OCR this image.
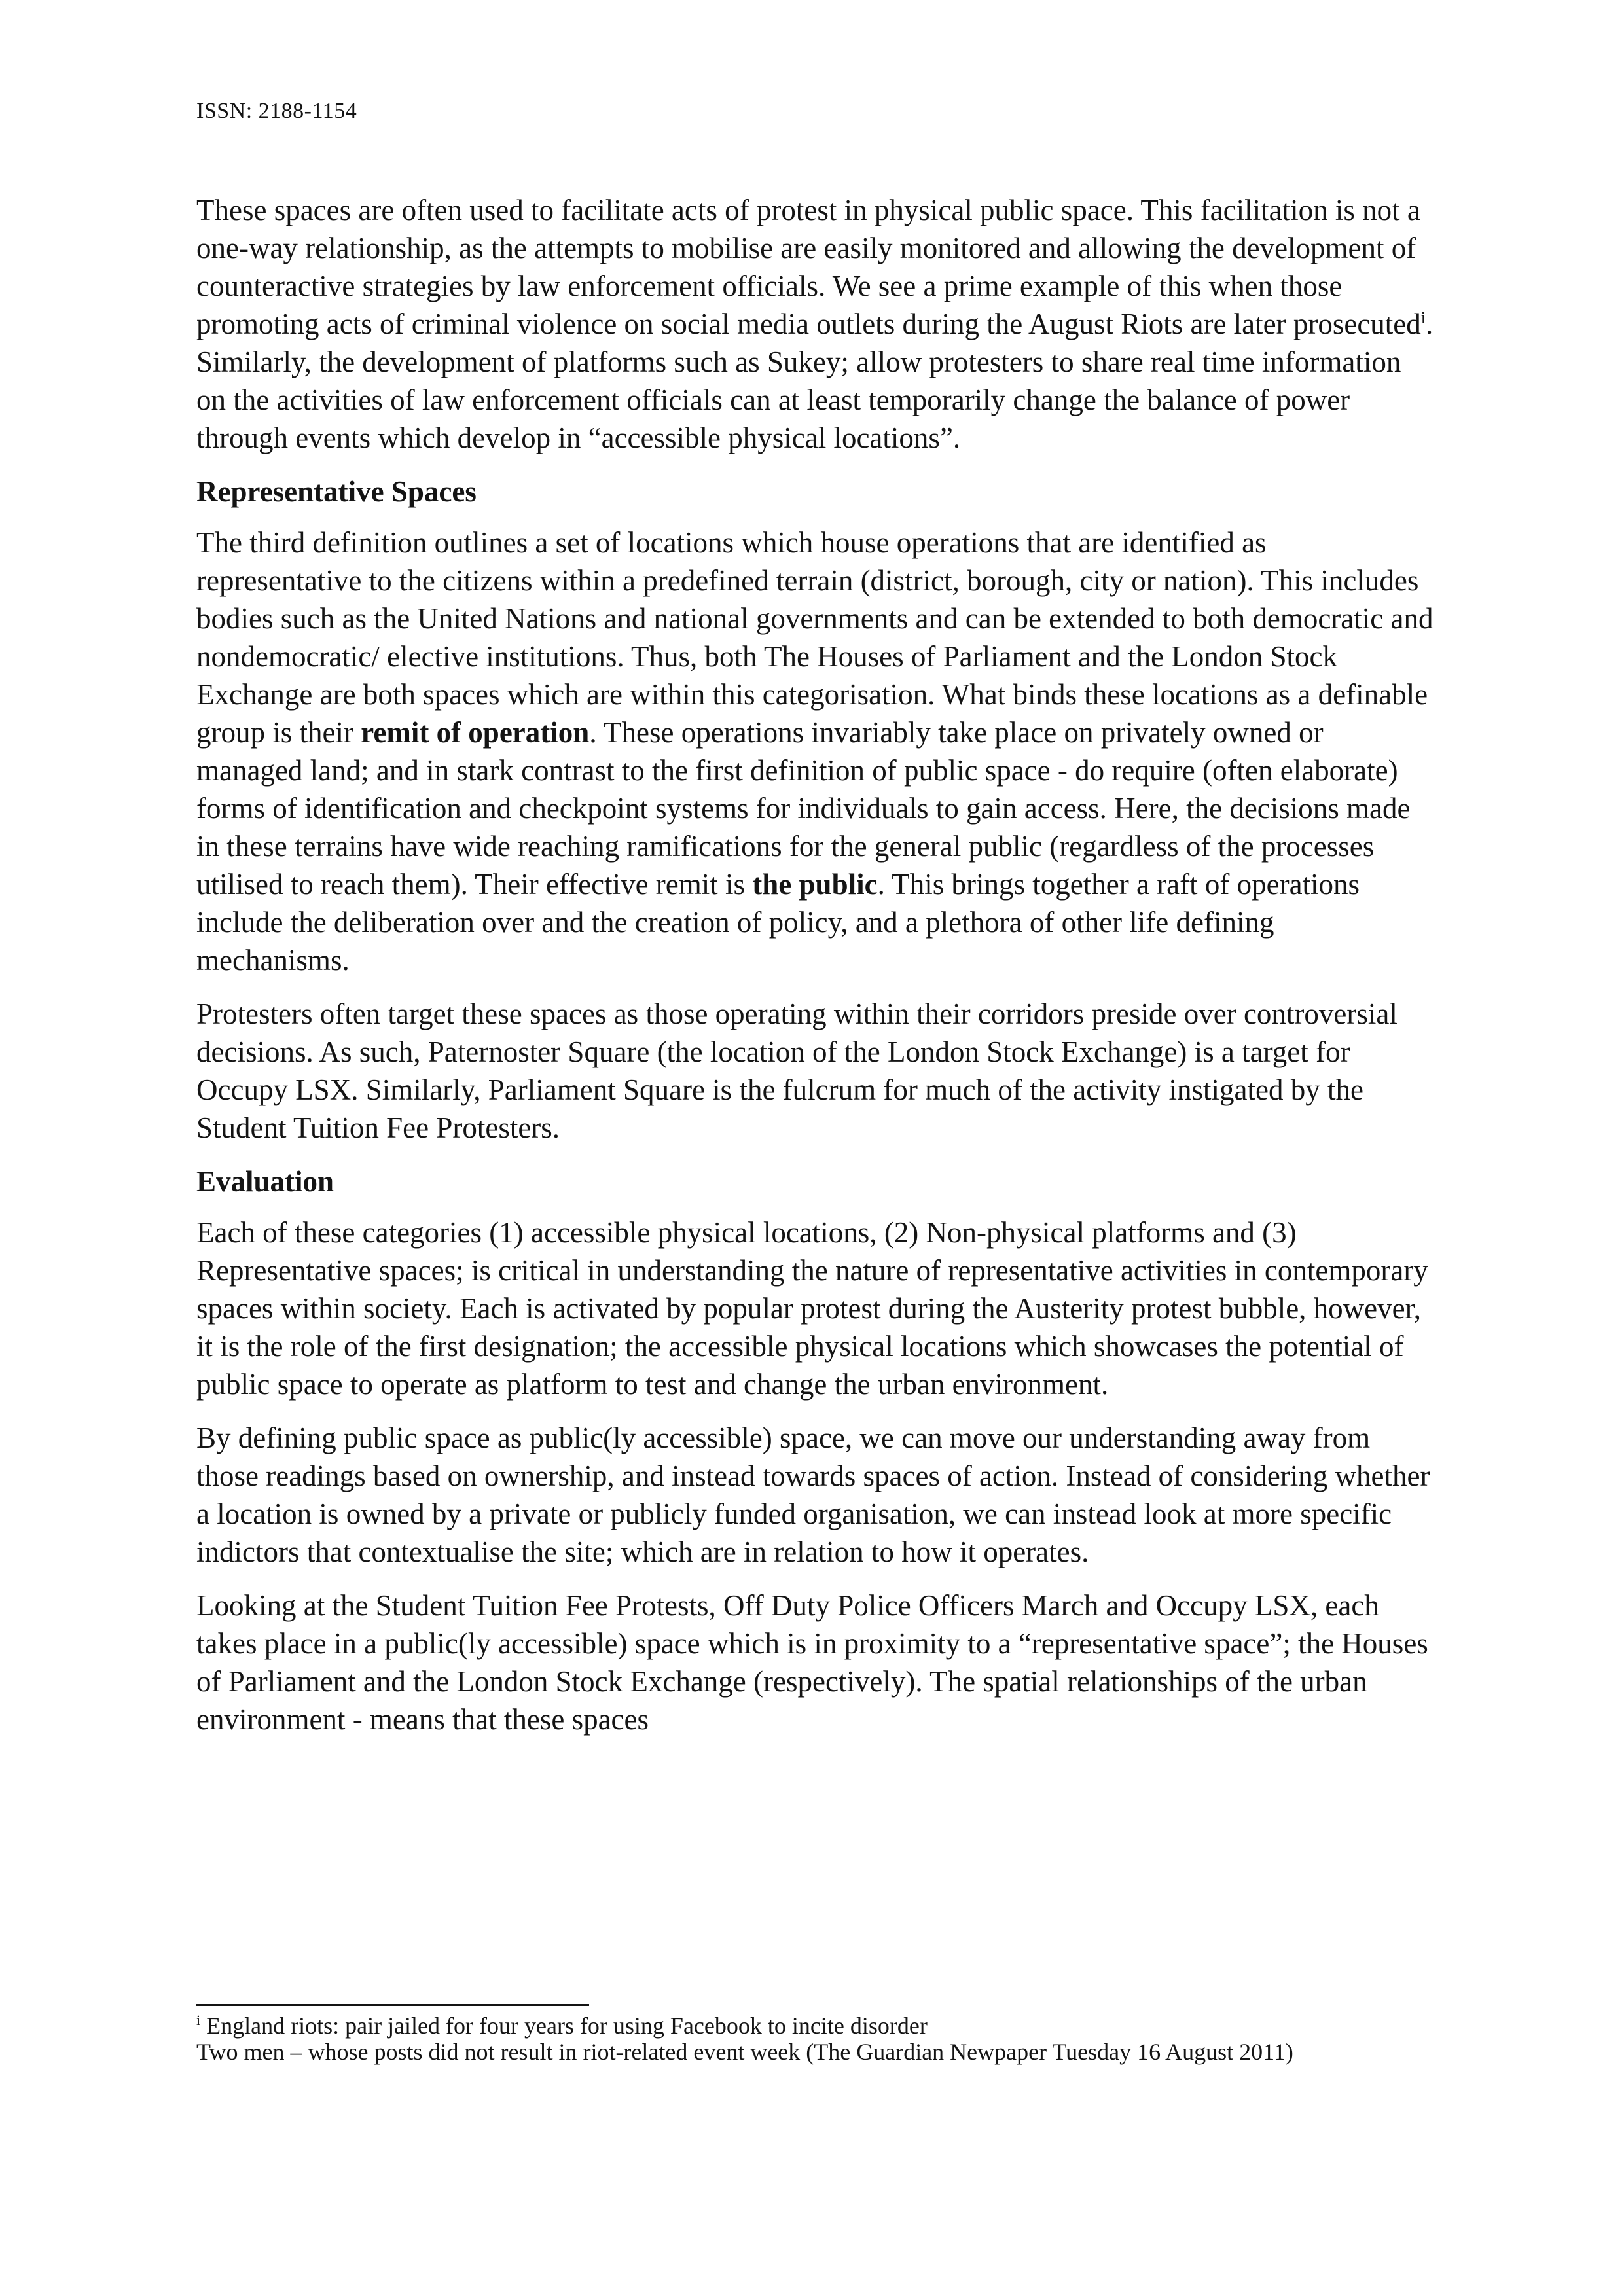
ISSN: 2188-1154

These spaces are often used to facilitate acts of protest in physical public space. This facilitation is not a one-way relationship, as the attempts to mobilise are easily monitored and allowing the development of counteractive strategies by law enforcement officials. We see a prime example of this when those promoting acts of criminal violence on social media outlets during the August Riots are later prosecuted$^i$. Similarly, the development of platforms such as Sukey; allow protesters to share real time information on the activities of law enforcement officials can at least temporarily change the balance of power through events which develop in “accessible physical locations”.

Representative Spaces

The third definition outlines a set of locations which house operations that are identified as representative to the citizens within a predefined terrain (district, borough, city or nation). This includes bodies such as the United Nations and national governments and can be extended to both democratic and nondemocratic/ elective institutions. Thus, both The Houses of Parliament and the London Stock Exchange are both spaces which are within this categorisation. What binds these locations as a definable group is their remit of operation. These operations invariably take place on privately owned or managed land; and in stark contrast to the first definition of public space - do require (often elaborate) forms of identification and checkpoint systems for individuals to gain access. Here, the decisions made in these terrains have wide reaching ramifications for the general public (regardless of the processes utilised to reach them). Their effective remit is the public. This brings together a raft of operations include the deliberation over and the creation of policy, and a plethora of other life defining mechanisms.

Protesters often target these spaces as those operating within their corridors preside over controversial decisions. As such, Paternoster Square (the location of the London Stock Exchange) is a target for Occupy LSX. Similarly, Parliament Square is the fulcrum for much of the activity instigated by the Student Tuition Fee Protesters.

Evaluation

Each of these categories (1) accessible physical locations, (2) Non-physical platforms and (3) Representative spaces; is critical in understanding the nature of representative activities in contemporary spaces within society. Each is activated by popular protest during the Austerity protest bubble, however, it is the role of the first designation; the accessible physical locations which showcases the potential of public space to operate as platform to test and change the urban environment.

By defining public space as public(ly accessible) space, we can move our understanding away from those readings based on ownership, and instead towards spaces of action. Instead of considering whether a location is owned by a private or publicly funded organisation, we can instead look at more specific indictors that contextualise the site; which are in relation to how it operates.

Looking at the Student Tuition Fee Protests, Off Duty Police Officers March and Occupy LSX, each takes place in a public(ly accessible) space which is in proximity to a “representative space”; the Houses of Parliament and the London Stock Exchange (respectively). The spatial relationships of the urban environment - means that these spaces

$^i$ England riots: pair jailed for four years for using Facebook to incite disorder

Two men – whose posts did not result in riot-related event week (The Guardian Newpaper Tuesday 16 August 2011)
